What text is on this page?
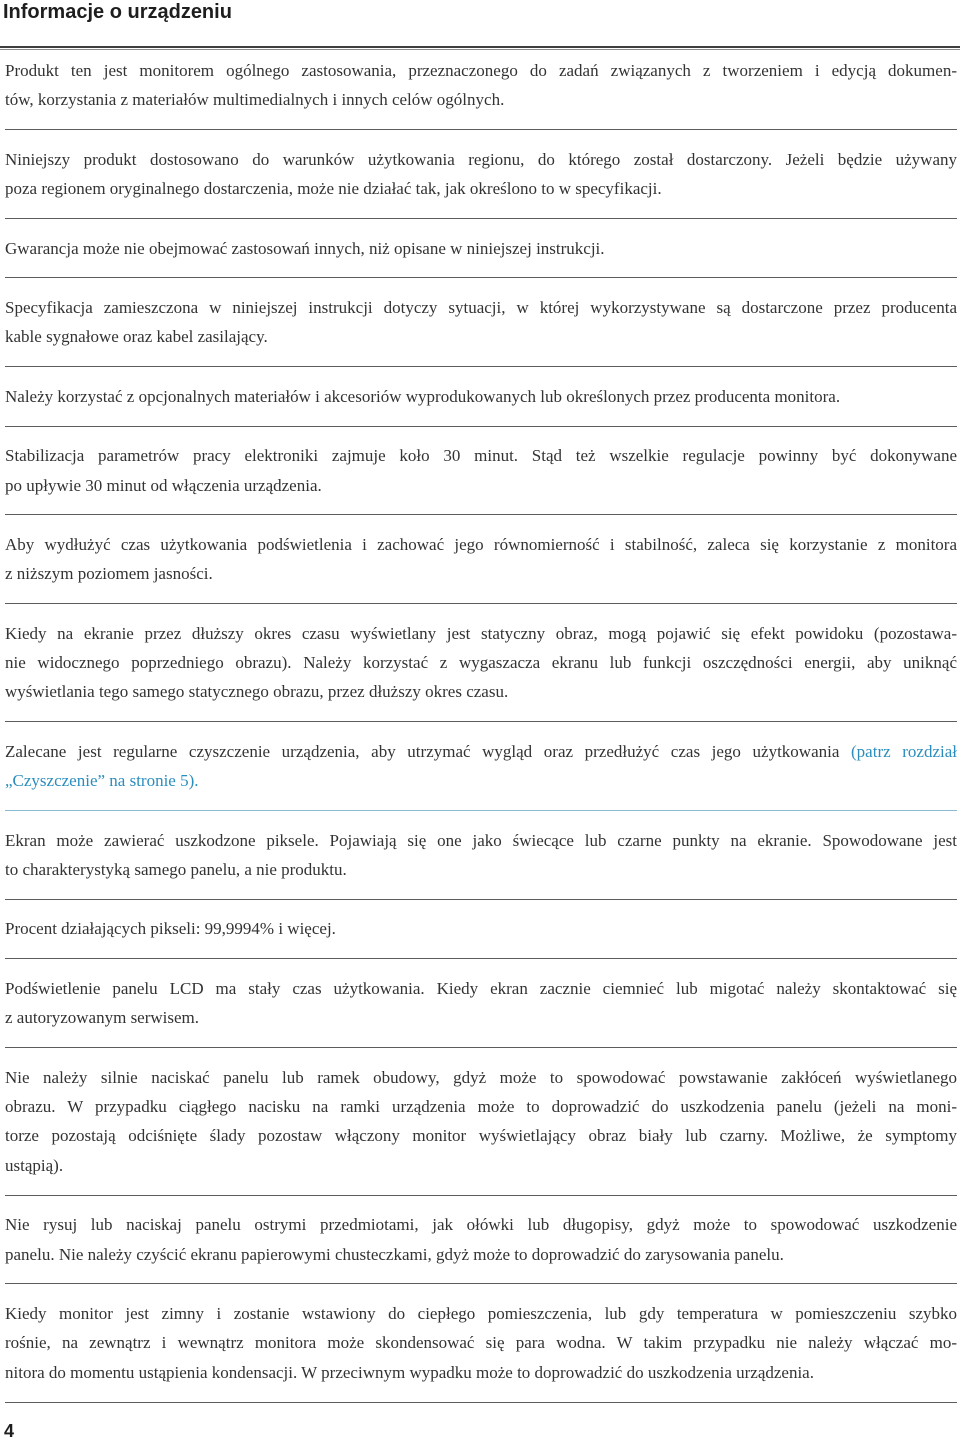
Informacje o urządzeniu
Produkt ten jest monitorem ogólnego zastosowania, przeznaczonego do zadań związanych z tworzeniem i edycją dokumen-
tów, korzystania z materiałów multimedialnych i innych celów ogólnych.
Niniejszy produkt dostosowano do warunków użytkowania regionu, do którego został dostarczony. Jeżeli będzie używany
poza regionem oryginalnego dostarczenia, może nie działać tak, jak określono to w specyfikacji.
Gwarancja może nie obejmować zastosowań innych, niż opisane w niniejszej instrukcji.
Specyfikacja zamieszczona w niniejszej instrukcji dotyczy sytuacji, w której wykorzystywane są dostarczone przez producenta
kable sygnałowe oraz kabel zasilający.
Należy korzystać z opcjonalnych materiałów i akcesoriów wyprodukowanych lub określonych przez producenta monitora.
Stabilizacja parametrów pracy elektroniki zajmuje koło 30 minut. Stąd też wszelkie regulacje powinny być dokonywane
po upływie 30 minut od włączenia urządzenia.
Aby wydłużyć czas użytkowania podświetlenia i zachować jego równomierność i stabilność, zaleca się korzystanie z monitora
z niższym poziomem jasności.
Kiedy na ekranie przez dłuższy okres czasu wyświetlany jest statyczny obraz, mogą pojawić się efekt powidoku (pozostawa-
nie widocznego poprzedniego obrazu). Należy korzystać z wygaszacza ekranu lub funkcji oszczędności energii, aby uniknąć
wyświetlania tego samego statycznego obrazu, przez dłuższy okres czasu.
Zalecane jest regularne czyszczenie urządzenia, aby utrzymać wygląd oraz przedłużyć czas jego użytkowania (patrz rozdział
„Czyszczenie” na stronie 5).
Ekran może zawierać uszkodzone piksele. Pojawiają się one jako świecące lub czarne punkty na ekranie. Spowodowane jest
to charakterystyką samego panelu, a nie produktu.
Procent działających pikseli: 99,9994% i więcej.
Podświetlenie panelu LCD ma stały czas użytkowania. Kiedy ekran zacznie ciemnieć lub migotać należy skontaktować się
z autoryzowanym serwisem.
Nie należy silnie naciskać panelu lub ramek obudowy, gdyż może to spowodować powstawanie zakłóceń wyświetlanego
obrazu. W przypadku ciągłego nacisku na ramki urządzenia może to doprowadzić do uszkodzenia panelu (jeżeli na moni-
torze pozostają odciśnięte ślady pozostaw włączony monitor wyświetlający obraz biały lub czarny. Możliwe, że symptomy
ustąpią).
Nie rysuj lub naciskaj panelu ostrymi przedmiotami, jak ołówki lub długopisy, gdyż może to spowodować uszkodzenie
panelu. Nie należy czyścić ekranu papierowymi chusteczkami, gdyż może to doprowadzić do zarysowania panelu.
Kiedy monitor jest zimny i zostanie wstawiony do ciepłego pomieszczenia, lub gdy temperatura w pomieszczeniu szybko
rośnie, na zewnątrz i wewnątrz monitora może skondensować się para wodna. W takim przypadku nie należy włączać mo-
nitora do momentu ustąpienia kondensacji. W przeciwnym wypadku może to doprowadzić do uszkodzenia urządzenia.
4
